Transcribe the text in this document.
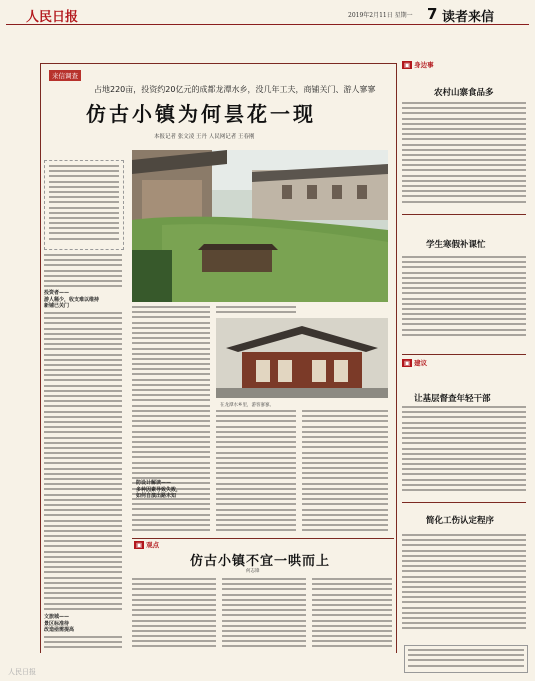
人民日报	2019年2月11日 星期一 7 读者来信
来信调查
占地220亩，投资约20亿元的成都龙潭水乡，没几年工夫，商铺关门、游人寥寥
仿古小镇为何昙花一现
本报记者 张文凌 王丹 人民网记者 王春刚
投资者——
游人稀少，收支难以维持
新铺已关门
文旅城——
景区标准待
改造亟需提高
在龙潭水乡里，游客寥寥。
防设计解读——
多种因素导致失败，
如何自演出路未知
▣ 观点
仿古小镇不宜一哄而上
何志锋
▣ 身边事
农村山寨食品多
学生寒假补课忙
▣ 建议
让基层督查年轻干部
简化工伤认定程序
人民日报
